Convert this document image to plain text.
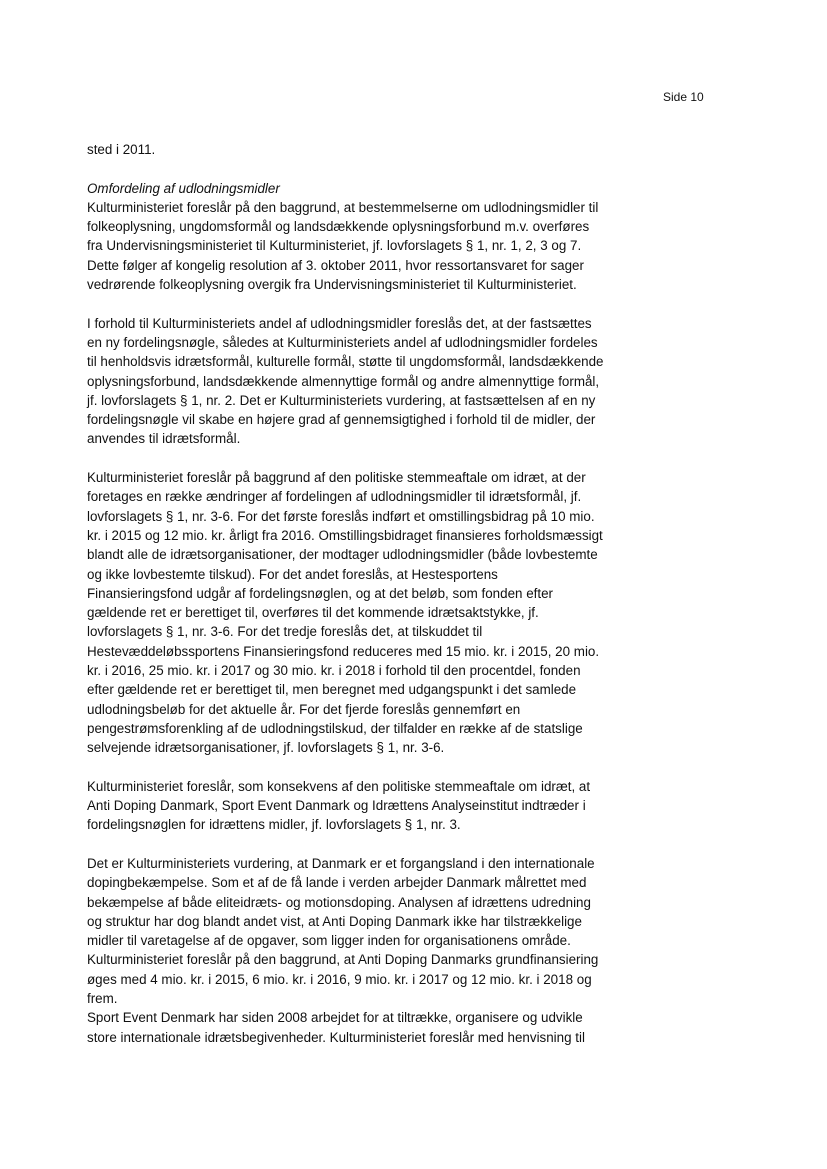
Side 10
sted i 2011.
Omfordeling af udlodningsmidler
Kulturministeriet foreslår på den baggrund, at bestemmelserne om udlodningsmidler til
folkeoplysning, ungdomsformål og landsdækkende oplysningsforbund m.v. overføres
fra Undervisningsministeriet til Kulturministeriet, jf. lovforslagets § 1, nr. 1, 2, 3 og 7.
Dette følger af kongelig resolution af 3. oktober 2011, hvor ressortansvaret for sager
vedrørende folkeoplysning overgik fra Undervisningsministeriet til Kulturministeriet.
I forhold til Kulturministeriets andel af udlodningsmidler foreslås det, at der fastsættes
en ny fordelingsnøgle, således at Kulturministeriets andel af udlodningsmidler fordeles
til henholdsvis idrætsformål, kulturelle formål, støtte til ungdomsformål, landsdækkende
oplysningsforbund, landsdækkende almennyttige formål og andre almennyttige formål,
jf. lovforslagets § 1, nr. 2. Det er Kulturministeriets vurdering, at fastsættelsen af en ny
fordelingsnøgle vil skabe en højere grad af gennemsigtighed i forhold til de midler, der
anvendes til idrætsformål.
Kulturministeriet foreslår på baggrund af den politiske stemmeaftale om idræt, at der
foretages en række ændringer af fordelingen af udlodningsmidler til idrætsformål, jf.
lovforslagets § 1, nr. 3-6. For det første foreslås indført et omstillingsbidrag på 10 mio.
kr. i 2015 og 12 mio. kr. årligt fra 2016. Omstillingsbidraget finansieres forholdsmæssigt
blandt alle de idrætsorganisationer, der modtager udlodningsmidler (både lovbestemte
og ikke lovbestemte tilskud). For det andet foreslås, at Hestesportens
Finansieringsfond udgår af fordelingsnøglen, og at det beløb, som fonden efter
gældende ret er berettiget til, overføres til det kommende idrætsaktstykke, jf.
lovforslagets § 1, nr. 3-6. For det tredje foreslås det, at tilskuddet til
Hestevæddeløbssportens Finansieringsfond reduceres med 15 mio. kr. i 2015, 20 mio.
kr. i 2016, 25 mio. kr. i 2017 og 30 mio. kr. i 2018 i forhold til den procentdel, fonden
efter gældende ret er berettiget til, men beregnet med udgangspunkt i det samlede
udlodningsbeløb for det aktuelle år. For det fjerde foreslås gennemført en
pengestrømsforenkling af de udlodningstilskud, der tilfalder en række af de statslige
selvejende idrætsorganisationer, jf. lovforslagets § 1, nr. 3-6.
Kulturministeriet foreslår, som konsekvens af den politiske stemmeaftale om idræt, at
Anti Doping Danmark, Sport Event Danmark og Idrættens Analyseinstitut indtræder i
fordelingsnøglen for idrættens midler, jf. lovforslagets § 1, nr. 3.
Det er Kulturministeriets vurdering, at Danmark er et forgangsland i den internationale
dopingbekæmpelse. Som et af de få lande i verden arbejder Danmark målrettet med
bekæmpelse af både eliteidræts- og motionsdoping. Analysen af idrættens udredning
og struktur har dog blandt andet vist, at Anti Doping Danmark ikke har tilstrækkelige
midler til varetagelse af de opgaver, som ligger inden for organisationens område.
Kulturministeriet foreslår på den baggrund, at Anti Doping Danmarks grundfinansiering
øges med 4 mio. kr. i 2015, 6 mio. kr. i 2016, 9 mio. kr. i 2017 og 12 mio. kr. i 2018 og
frem.
Sport Event Denmark har siden 2008 arbejdet for at tiltrække, organisere og udvikle
store internationale idrætsbegivenheder. Kulturministeriet foreslår med henvisning til
